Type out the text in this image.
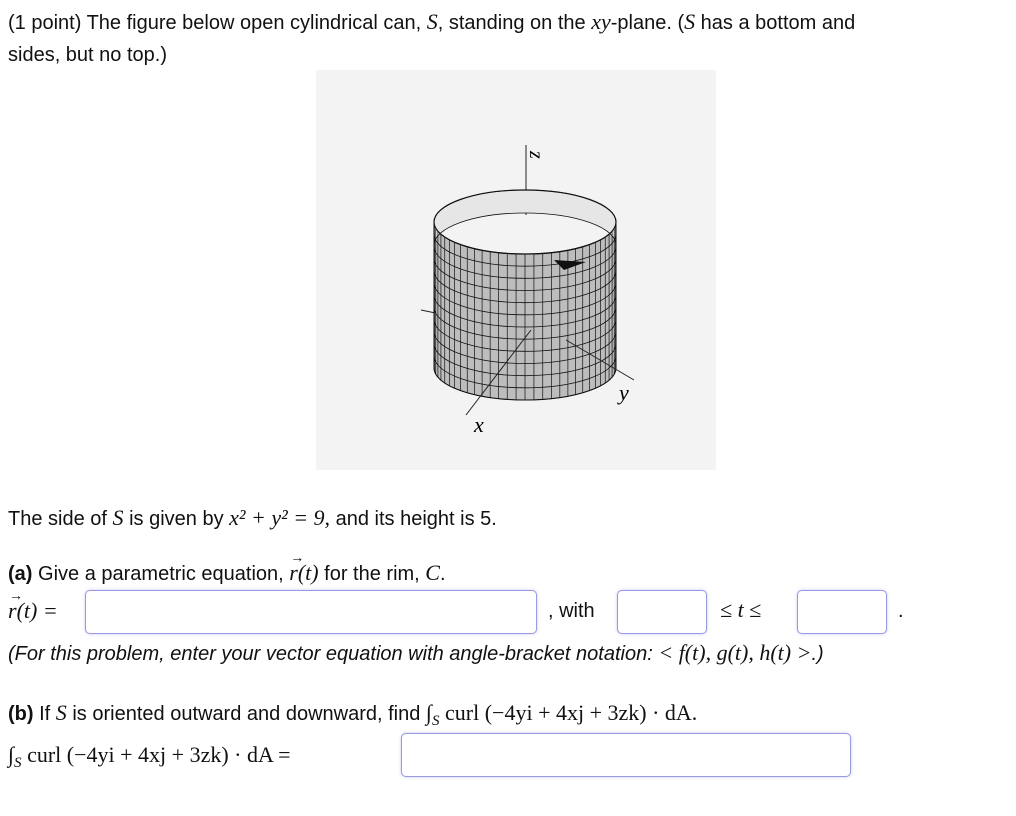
(1 point) The figure below open cylindrical can, S, standing on the xy-plane. (S has a bottom and
sides, but no top.)
z
y
x
The side of S is given by x² + y² = 9, and its height is 5.
(a) Give a parametric equation, → r(t) for the rim, C.
→ r(t) =	, with	≤ t ≤	.
(For this problem, enter your vector equation with angle-bracket notation: < f(t), g(t), h(t) >.)
(b) If S is oriented outward and downward, find $\int_S$ curl (−4yi + 4xj + 3zk) · dA.
$\int_S$ curl (−4yi + 4xj + 3zk) · dA =
